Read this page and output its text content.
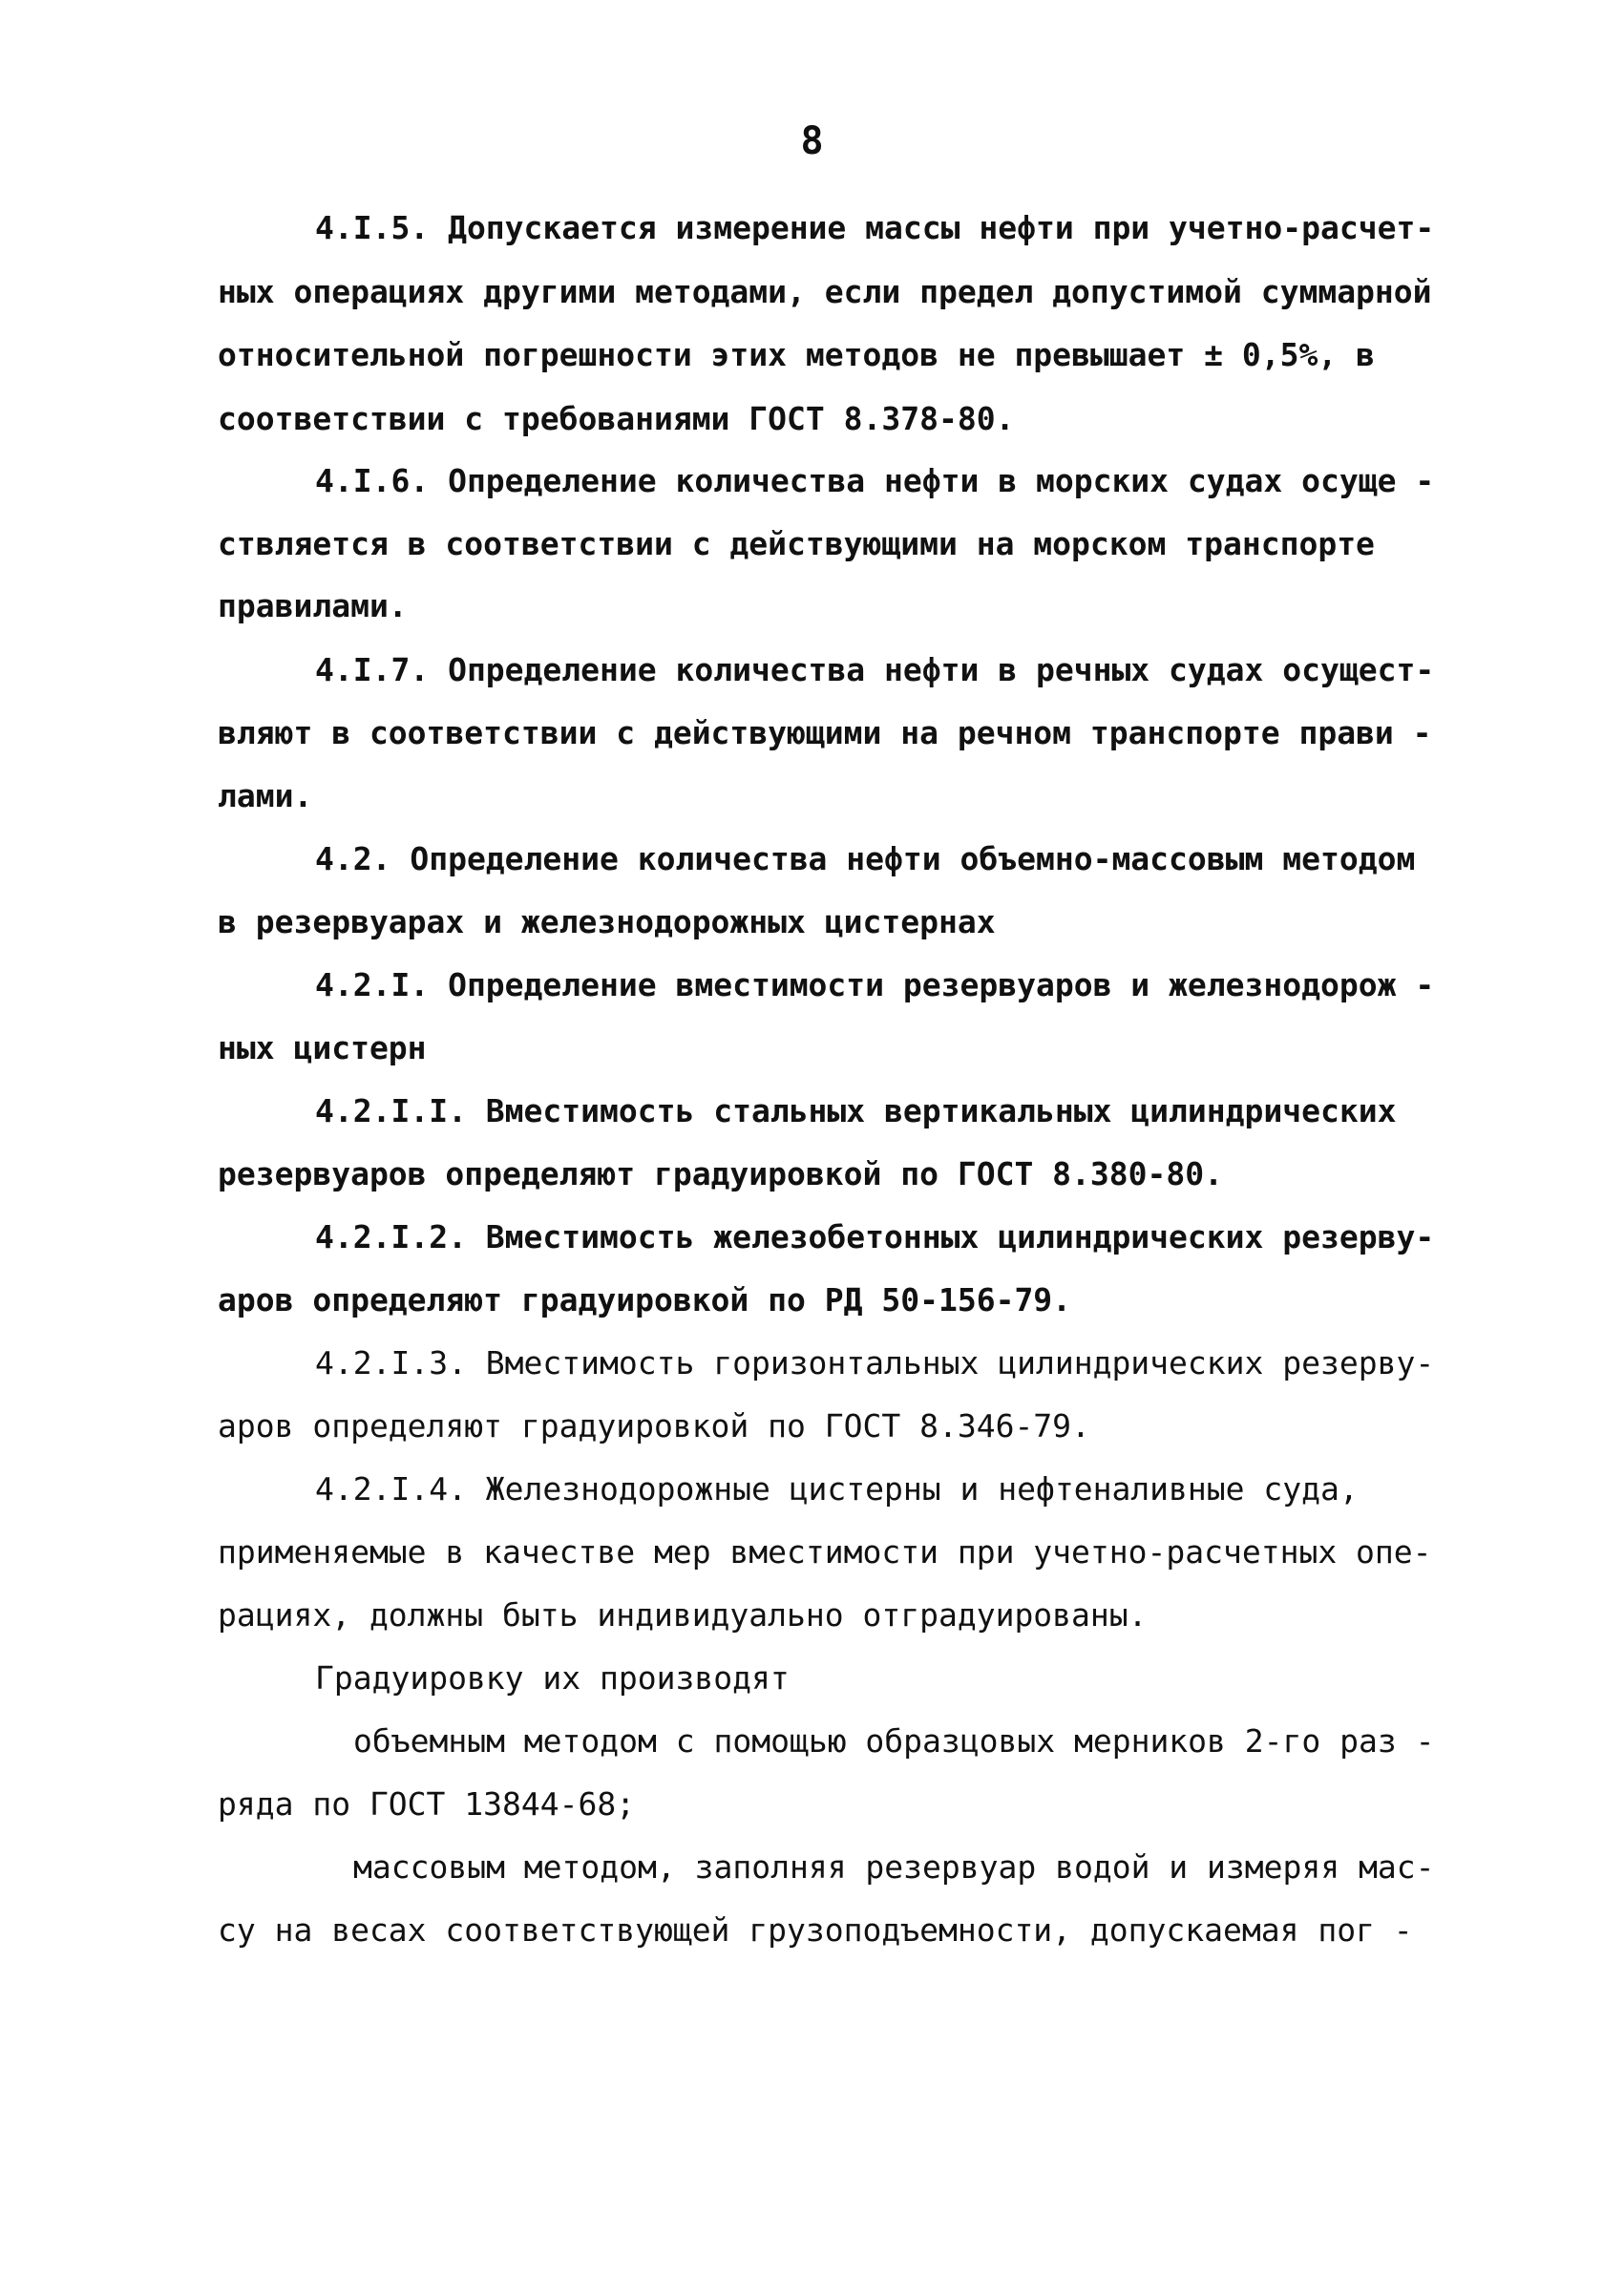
8
4.I.5. Допускается измерение массы нефти при учетно-расчет-
ных операциях другими методами, если предел допустимой суммарной
относительной погрешности этих методов не превышает ± 0,5%, в
соответствии с требованиями ГОСТ 8.378-80.
4.I.6. Определение количества нефти в морских судах осуще -
ствляется в соответствии с действующими на морском транспорте
правилами.
4.I.7. Определение количества нефти в речных судах осущест-
вляют в соответствии с действующими на речном транспорте прави -
лами.
4.2. Определение количества нефти объемно-массовым методом
в резервуарах и железнодорожных цистернах
4.2.I. Определение вместимости резервуаров и железнодорож -
ных цистерн
4.2.I.I. Вместимость стальных вертикальных цилиндрических
резервуаров определяют градуировкой по ГОСТ 8.380-80.
4.2.I.2. Вместимость железобетонных цилиндрических резерву-
аров определяют градуировкой по РД 50-156-79.
4.2.I.3. Вместимость горизонтальных цилиндрических резерву-
аров определяют градуировкой по ГОСТ 8.346-79.
4.2.I.4. Железнодорожные цистерны и нефтеналивные суда,
применяемые в качестве мер вместимости при учетно-расчетных опе-
рациях, должны быть индивидуально отградуированы.
Градуировку их производят
объемным методом с помощью образцовых мерников 2-го раз -
ряда по ГОСТ 13844-68;
массовым методом, заполняя резервуар водой и измеряя мас-
су на весах соответствующей грузоподъемности, допускаемая пог -
